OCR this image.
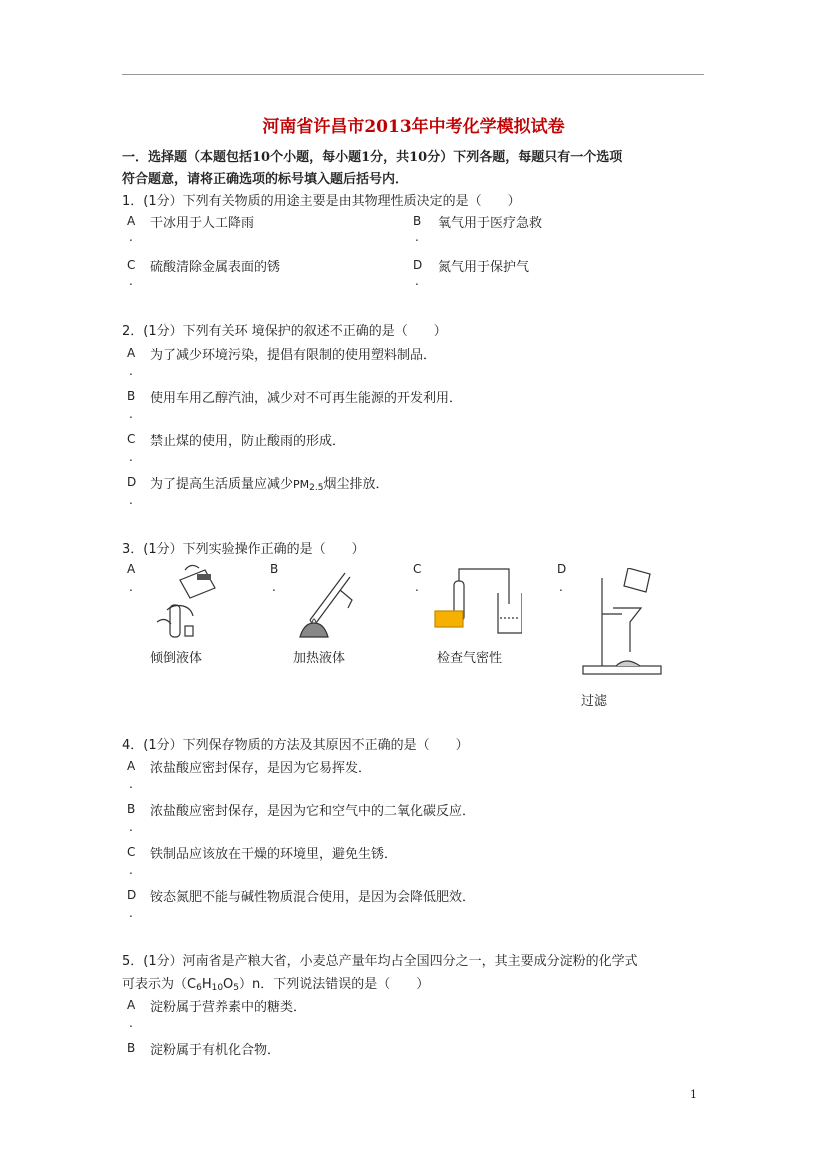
河南省许昌市2013年中考化学模拟试卷
一．选择题（本题包括10个小题，每小题1分，共10分）下列各题，每题只有一个选项
符合题意，请将正确选项的标号填入题后括号内．
1．(1分）下列有关物质的用途主要是由其物理性质决定的是（　　）
A 干冰用于人工降雨
.
B 氧气用于医疗急救
.
C 硫酸清除金属表面的锈
.
D 氮气用于保护气
.
2．(1分）下列有关环 境保护的叙述不正确的是（　　）
A 为了减少环境污染，提倡有限制的使用塑料制品．
.
B 使用车用乙醇汽油，减少对不可再生能源的开发利用．
.
C 禁止煤的使用，防止酸雨的形成．
.
D 为了提高生活质量应减少$PM_{2.5}$烟尘排放．
.
3．(1分）下列实验操作正确的是（　　）
A
.
B
.
C
.
D
.
倾倒液体	加热液体	检查气密性
过滤
4．(1分）下列保存物质的方法及其原因不正确的是（　　）
A 浓盐酸应密封保存，是因为它易挥发．
.
B 浓盐酸应密封保存，是因为它和空气中的二氧化碳反应．
.
C 铁制品应该放在干燥的环境里，避免生锈．
.
D 铵态氮肥不能与碱性物质混合使用，是因为会降低肥效．
.
5．(1分）河南省是产粮大省，小麦总产量年均占全国四分之一，其主要成分淀粉的化学式
可表示为$(C_6H_{10}O_5)n$．下列说法错误的是（　　）
A 淀粉属于营养素中的糖类．
.
B 淀粉属于有机化合物．
1
